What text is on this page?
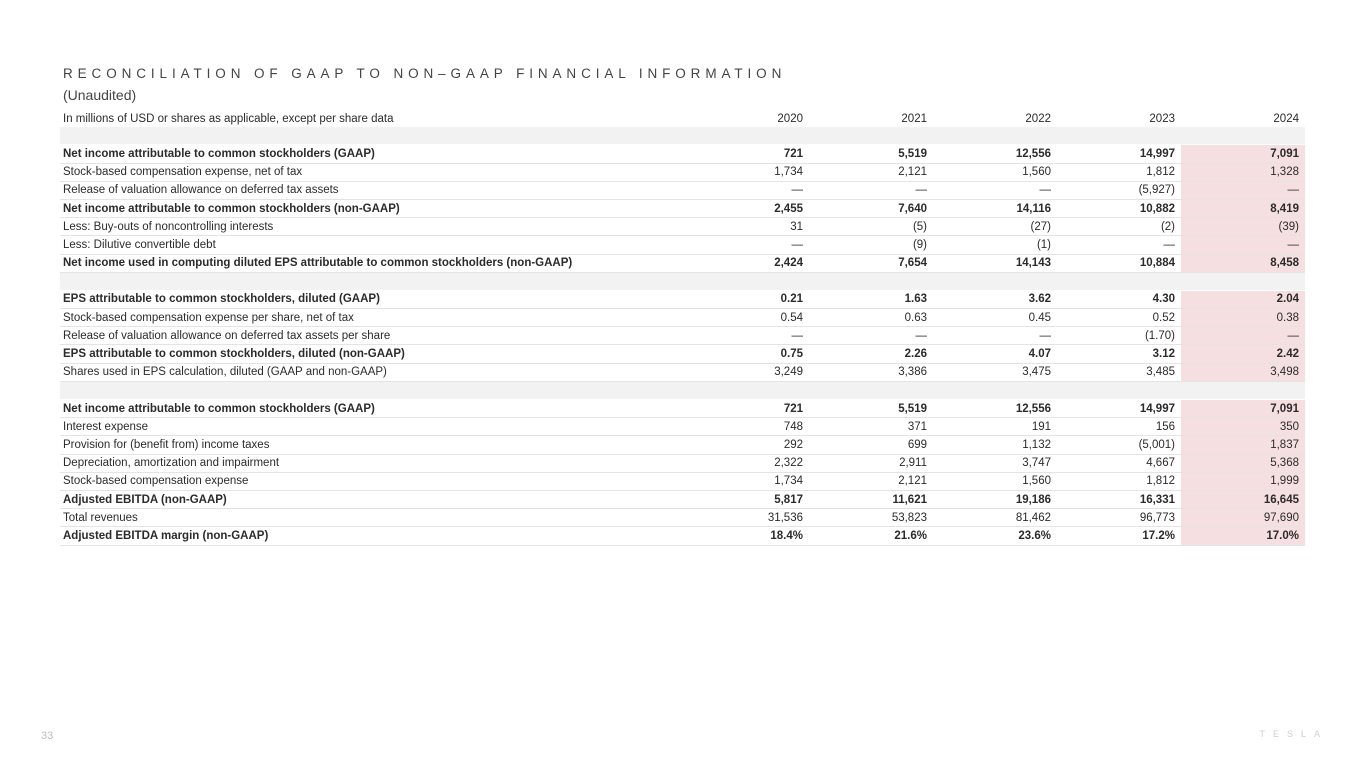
RECONCILIATION OF GAAP TO NON–GAAP FINANCIAL INFORMATION
(Unaudited)
In millions of USD or shares as applicable, except per share data	2020	2021	2022	2023	2024

Net income attributable to common stockholders (GAAP)	721	5,519	12,556	14,997	7,091
Stock-based compensation expense, net of tax	1,734	2,121	1,560	1,812	1,328
Release of valuation allowance on deferred tax assets	—	—	—	(5,927)	—
Net income attributable to common stockholders (non-GAAP)	2,455	7,640	14,116	10,882	8,419
Less: Buy-outs of noncontrolling interests	31	(5)	(27)	(2)	(39)
Less: Dilutive convertible debt	—	(9)	(1)	—	—
Net income used in computing diluted EPS attributable to common stockholders (non-GAAP)	2,424	7,654	14,143	10,884	8,458

EPS attributable to common stockholders, diluted (GAAP)	0.21	1.63	3.62	4.30	2.04
Stock-based compensation expense per share, net of tax	0.54	0.63	0.45	0.52	0.38
Release of valuation allowance on deferred tax assets per share	—	—	—	(1.70)	—
EPS attributable to common stockholders, diluted (non-GAAP)	0.75	2.26	4.07	3.12	2.42
Shares used in EPS calculation, diluted (GAAP and non-GAAP)	3,249	3,386	3,475	3,485	3,498

Net income attributable to common stockholders (GAAP)	721	5,519	12,556	14,997	7,091
Interest expense	748	371	191	156	350
Provision for (benefit from) income taxes	292	699	1,132	(5,001)	1,837
Depreciation, amortization and impairment	2,322	2,911	3,747	4,667	5,368
Stock-based compensation expense	1,734	2,121	1,560	1,812	1,999
Adjusted EBITDA (non-GAAP)	5,817	11,621	19,186	16,331	16,645
Total revenues	31,536	53,823	81,462	96,773	97,690
Adjusted EBITDA margin (non-GAAP)	18.4%	21.6%	23.6%	17.2%	17.0%
33	TESLA
